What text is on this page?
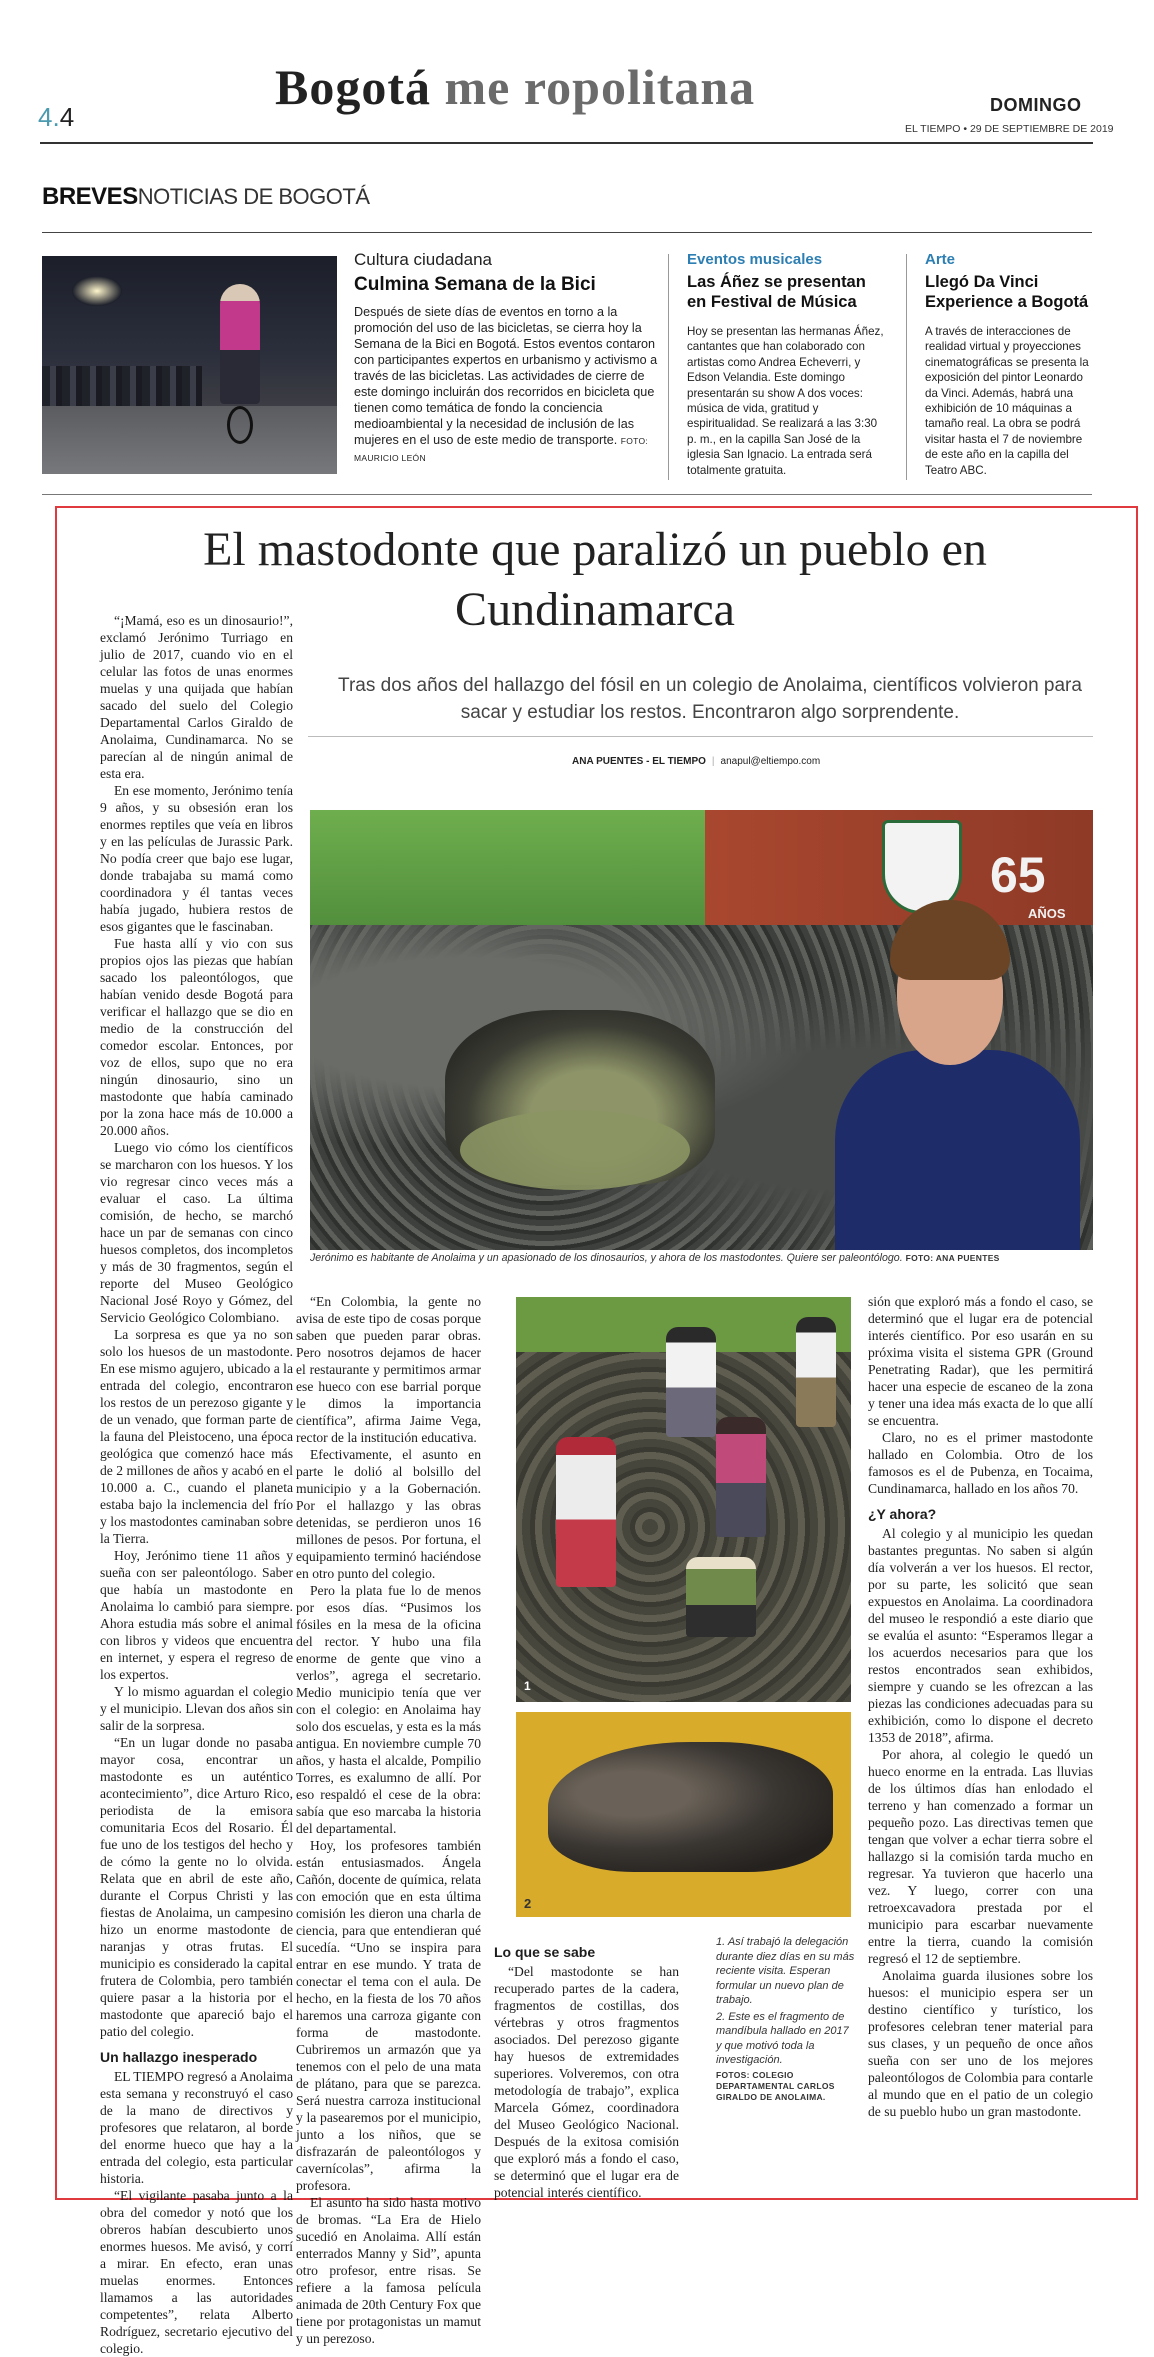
4.4
Bogotá me ropolitana	DOMINGO
EL TIEMPO • 29 DE SEPTIEMBRE DE 2019
BREVESNOTICIAS DE BOGOTÁ
Cultura ciudadana
Culmina Semana de la Bici
Después de siete días de eventos en torno a la promoción del uso de las bicicletas, se cierra hoy la Semana de la Bici en Bogotá. Estos eventos contaron con participantes expertos en urbanismo y activismo a través de las bicicletas. Las actividades de cierre de este domingo incluirán dos recorridos en bicicleta que tienen como temática de fondo la conciencia medioambiental y la necesidad de inclusión de las mujeres en el uso de este medio de transporte. FOTO: MAURICIO LEÓN
Eventos musicales
Las Áñez se presentan en Festival de Música
Hoy se presentan las hermanas Áñez, cantantes que han colaborado con artistas como Andrea Echeverri, y Edson Velandia. Este domingo presentarán su show A dos voces: música de vida, gratitud y espiritualidad. Se realizará a las 3:30 p. m., en la capilla San José de la iglesia San Ignacio. La entrada será totalmente gratuita.
Arte
Llegó Da Vinci Experience a Bogotá
A través de interacciones de realidad virtual y proyecciones cinematográficas se presenta la exposición del pintor Leonardo da Vinci. Además, habrá una exhibición de 10 máquinas a tamaño real. La obra se podrá visitar hasta el 7 de noviembre de este año en la capilla del Teatro ABC.
El mastodonte que paralizó un pueblo en Cundinamarca
Tras dos años del hallazgo del fósil en un colegio de Anolaima, científicos volvieron para sacar y estudiar los restos. Encontraron algo sorprendente.
ANA PUENTES - EL TIEMPO | anapul@eltiempo.com
65
AÑOS
Jerónimo es habitante de Anolaima y un apasionado de los dinosaurios, y ahora de los mastodontes. Quiere ser paleontólogo. FOTO: ANA PUENTES

“¡Mamá, eso es un dinosaurio!”, exclamó Jerónimo Turriago en julio de 2017, cuando vio en el celular las fotos de unas enormes muelas y una quijada que habían sacado del suelo del Colegio Departamental Carlos Giraldo de Anolaima, Cundinamarca. No se parecían al de ningún animal de esta era.

En ese momento, Jerónimo tenía 9 años, y su obsesión eran los enormes reptiles que veía en libros y en las películas de Jurassic Park. No podía creer que bajo ese lugar, donde trabajaba su mamá como coordinadora y él tantas veces había jugado, hubiera restos de esos gigantes que le fascinaban.

Fue hasta allí y vio con sus propios ojos las piezas que habían sacado los paleontólogos, que habían venido desde Bogotá para verificar el hallazgo que se dio en medio de la construcción del comedor escolar. Entonces, por voz de ellos, supo que no era ningún dinosaurio, sino un mastodonte que había caminado por la zona hace más de 10.000 a 20.000 años.

Luego vio cómo los científicos se marcharon con los huesos. Y los vio regresar cinco veces más a evaluar el caso. La última comisión, de hecho, se marchó hace un par de semanas con cinco huesos completos, dos incompletos y más de 30 fragmentos, según el reporte del Museo Geológico Nacional José Royo y Gómez, del Servicio Geológico Colombiano.

La sorpresa es que ya no son solo los huesos de un mastodonte. En ese mismo agujero, ubicado a la entrada del colegio, encontraron los restos de un perezoso gigante y de un venado, que forman parte de la fauna del Pleistoceno, una época geológica que comenzó hace más de 2 millones de años y acabó en el 10.000 a. C., cuando el planeta estaba bajo la inclemencia del frío y los mastodontes caminaban sobre la Tierra.

Hoy, Jerónimo tiene 11 años y sueña con ser paleontólogo. Saber que había un mastodonte en Anolaima lo cambió para siempre. Ahora estudia más sobre el animal con libros y videos que encuentra en internet, y espera el regreso de los expertos.

Y lo mismo aguardan el colegio y el municipio. Llevan dos años sin salir de la sorpresa.

“En un lugar donde no pasaba mayor cosa, encontrar un mastodonte es un auténtico acontecimiento”, dice Arturo Rico, periodista de la emisora comunitaria Ecos del Rosario. Él fue uno de los testigos del hecho y de cómo la gente no lo olvida. Relata que en abril de este año, durante el Corpus Christi y las fiestas de Anolaima, un campesino hizo un enorme mastodonte de naranjas y otras frutas. El municipio es considerado la capital frutera de Colombia, pero también quiere pasar a la historia por el mastodonte que apareció bajo el patio del colegio.

Un hallazgo inesperado

EL TIEMPO regresó a Anolaima esta semana y reconstruyó el caso de la mano de directivos y profesores que relataron, al borde del enorme hueco que hay a la entrada del colegio, esta particular historia.

“El vigilante pasaba junto a la obra del comedor y notó que los obreros habían descubierto unos enormes huesos. Me avisó, y corrí a mirar. En efecto, eran unas muelas enormes. Entonces llamamos a las autoridades competentes”, relata Alberto Rodríguez, secretario ejecutivo del colegio.

“En Colombia, la gente no avisa de este tipo de cosas porque saben que pueden parar obras. Pero nosotros dejamos de hacer el restaurante y permitimos armar ese hueco con ese barrial porque le dimos la importancia científica”, afirma Jaime Vega, rector de la institución educativa.

Efectivamente, el asunto en parte le dolió al bolsillo del municipio y a la Gobernación. Por el hallazgo y las obras detenidas, se perdieron unos 16 millones de pesos. Por fortuna, el equipamiento terminó haciéndose en otro punto del colegio.

Pero la plata fue lo de menos por esos días. “Pusimos los fósiles en la mesa de la oficina del rector. Y hubo una fila enorme de gente que vino a verlos”, agrega el secretario. Medio municipio tenía que ver con el colegio: en Anolaima hay solo dos escuelas, y esta es la más antigua. En noviembre cumple 70 años, y hasta el alcalde, Pompilio Torres, es exalumno de allí. Por eso respaldó el cese de la obra: sabía que eso marcaba la historia del departamental.

Hoy, los profesores también están entusiasmados. Ángela Cañón, docente de química, relata con emoción que en esta última comisión les dieron una charla de ciencia, para que entendieran qué sucedía. “Uno se inspira para entrar en ese mundo. Y trata de conectar el tema con el aula. De hecho, en la fiesta de los 70 años haremos una carroza gigante con forma de mastodonte. Cubriremos un armazón que ya tenemos con el pelo de una mata de plátano, para que se parezca. Será nuestra carroza institucional y la pasearemos por el municipio, junto a los niños, que se disfrazarán de paleontólogos y cavernícolas”, afirma la profesora.

El asunto ha sido hasta motivo de bromas. “La Era de Hielo sucedió en Anolaima. Allí están enterrados Manny y Sid”, apunta otro profesor, entre risas. Se refiere a la famosa película animada de 20th Century Fox que tiene por protagonistas un mamut y un perezoso.

Lo que se sabe

“Del mastodonte se han recuperado partes de la cadera, fragmentos de costillas, dos vértebras y otros fragmentos asociados. Del perezoso gigante hay huesos de extremidades superiores. Volveremos, con otra metodología de trabajo”, explica Marcela Gómez, coordinadora del Museo Geológico Nacional. Después de la exitosa comisión que exploró más a fondo el caso, se determinó que el lugar era de potencial interés científico.

1
2
1. Así trabajó la delegación durante diez días en su más reciente visita. Esperan formular un nuevo plan de trabajo.
2. Este es el fragmento de mandíbula hallado en 2017 y que motivó toda la investigación.
FOTOS: COLEGIO DEPARTAMENTAL CARLOS GIRALDO DE ANOLAIMA.

sión que exploró más a fondo el caso, se determinó que el lugar era de potencial interés científico. Por eso usarán en su próxima visita el sistema GPR (Ground Penetrating Radar), que les permitirá hacer una especie de escaneo de la zona y tener una idea más exacta de lo que allí se encuentra.

Claro, no es el primer mastodonte hallado en Colombia. Otro de los famosos es el de Pubenza, en Tocaima, Cundinamarca, hallado en los años 70.

¿Y ahora?

Al colegio y al municipio les quedan bastantes preguntas. No saben si algún día volverán a ver los huesos. El rector, por su parte, les solicitó que sean expuestos en Anolaima. La coordinadora del museo le respondió a este diario que se evalúa el asunto: “Esperamos llegar a los acuerdos necesarios para que los restos encontrados sean exhibidos, siempre y cuando se les ofrezcan a las piezas las condiciones adecuadas para su exhibición, como lo dispone el decreto 1353 de 2018”, afirma.

Por ahora, al colegio le quedó un hueco enorme en la entrada. Las lluvias de los últimos días han enlodado el terreno y han comenzado a formar un pequeño pozo. Las directivas temen que tengan que volver a echar tierra sobre el hallazgo si la comisión tarda mucho en regresar. Ya tuvieron que hacerlo una vez. Y luego, correr con una retroexcavadora prestada por el municipio para escarbar nuevamente entre la tierra, cuando la comisión regresó el 12 de septiembre.

Anolaima guarda ilusiones sobre los huesos: el municipio espera ser un destino científico y turístico, los profesores celebran tener material para sus clases, y un pequeño de once años sueña con ser uno de los mejores paleontólogos de Colombia para contarle al mundo que en el patio de un colegio de su pueblo hubo un gran mastodonte.
